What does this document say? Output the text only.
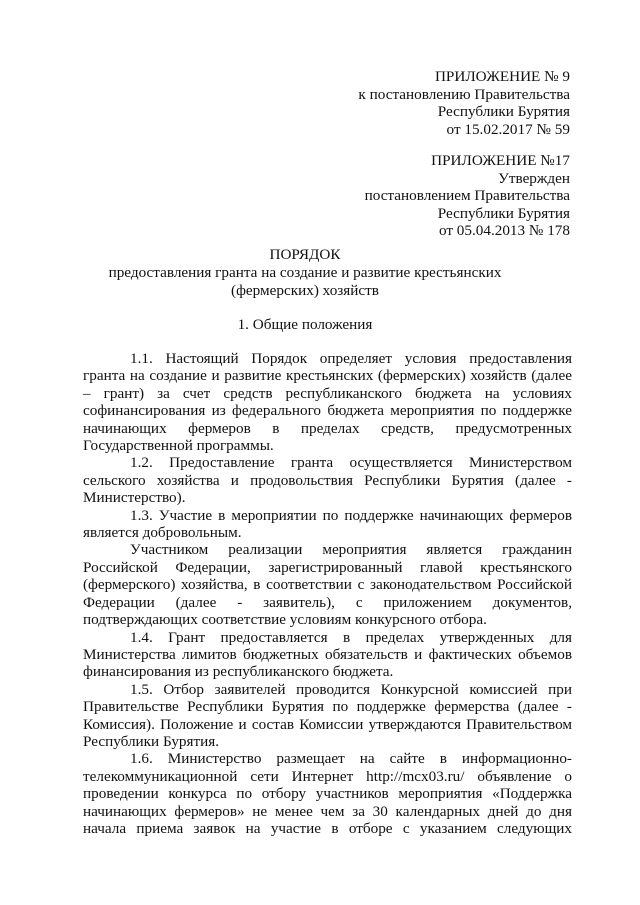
ПРИЛОЖЕНИЕ № 9
к постановлению Правительства
Республики Бурятия
от 15.02.2017 № 59
ПРИЛОЖЕНИЕ №17
Утвержден
постановлением Правительства
Республики Бурятия
от 05.04.2013 № 178
ПОРЯДОК
предоставления гранта на создание и развитие крестьянских
(фермерских) хозяйств
1. Общие положения

1.1. Настоящий Порядок определяет условия предоставления гранта на создание и развитие крестьянских (фермерских) хозяйств (далее – грант) за счет средств республиканского бюджета на условиях софинансирования из федерального бюджета мероприятия по поддержке начинающих фермеров в пределах средств, предусмотренных Государственной программы.

1.2. Предоставление гранта осуществляется Министерством сельского хозяйства и продовольствия Республики Бурятия (далее - Министерство).

1.3. Участие в мероприятии по поддержке начинающих фермеров является добровольным.

Участником реализации мероприятия является гражданин Российской Федерации, зарегистрированный главой крестьянского (фермерского) хозяйства, в соответствии с законодательством Российской Федерации (далее - заявитель), с приложением документов, подтверждающих соответствие условиям конкурсного отбора.

1.4. Грант предоставляется в пределах утвержденных для Министерства лимитов бюджетных обязательств и фактических объемов финансирования из республиканского бюджета.

1.5. Отбор заявителей проводится Конкурсной комиссией при Правительстве Республики Бурятия по поддержке фермерства (далее - Комиссия). Положение и состав Комиссии утверждаются Правительством Республики Бурятия.

1.6. Министерство размещает на сайте в информационно-телекоммуникационной сети Интернет http://mcx03.ru/ объявление о проведении конкурса по отбору участников мероприятия «Поддержка начинающих фермеров» не менее чем за 30 календарных дней до дня начала приема заявок на участие в отборе с указанием следующих
